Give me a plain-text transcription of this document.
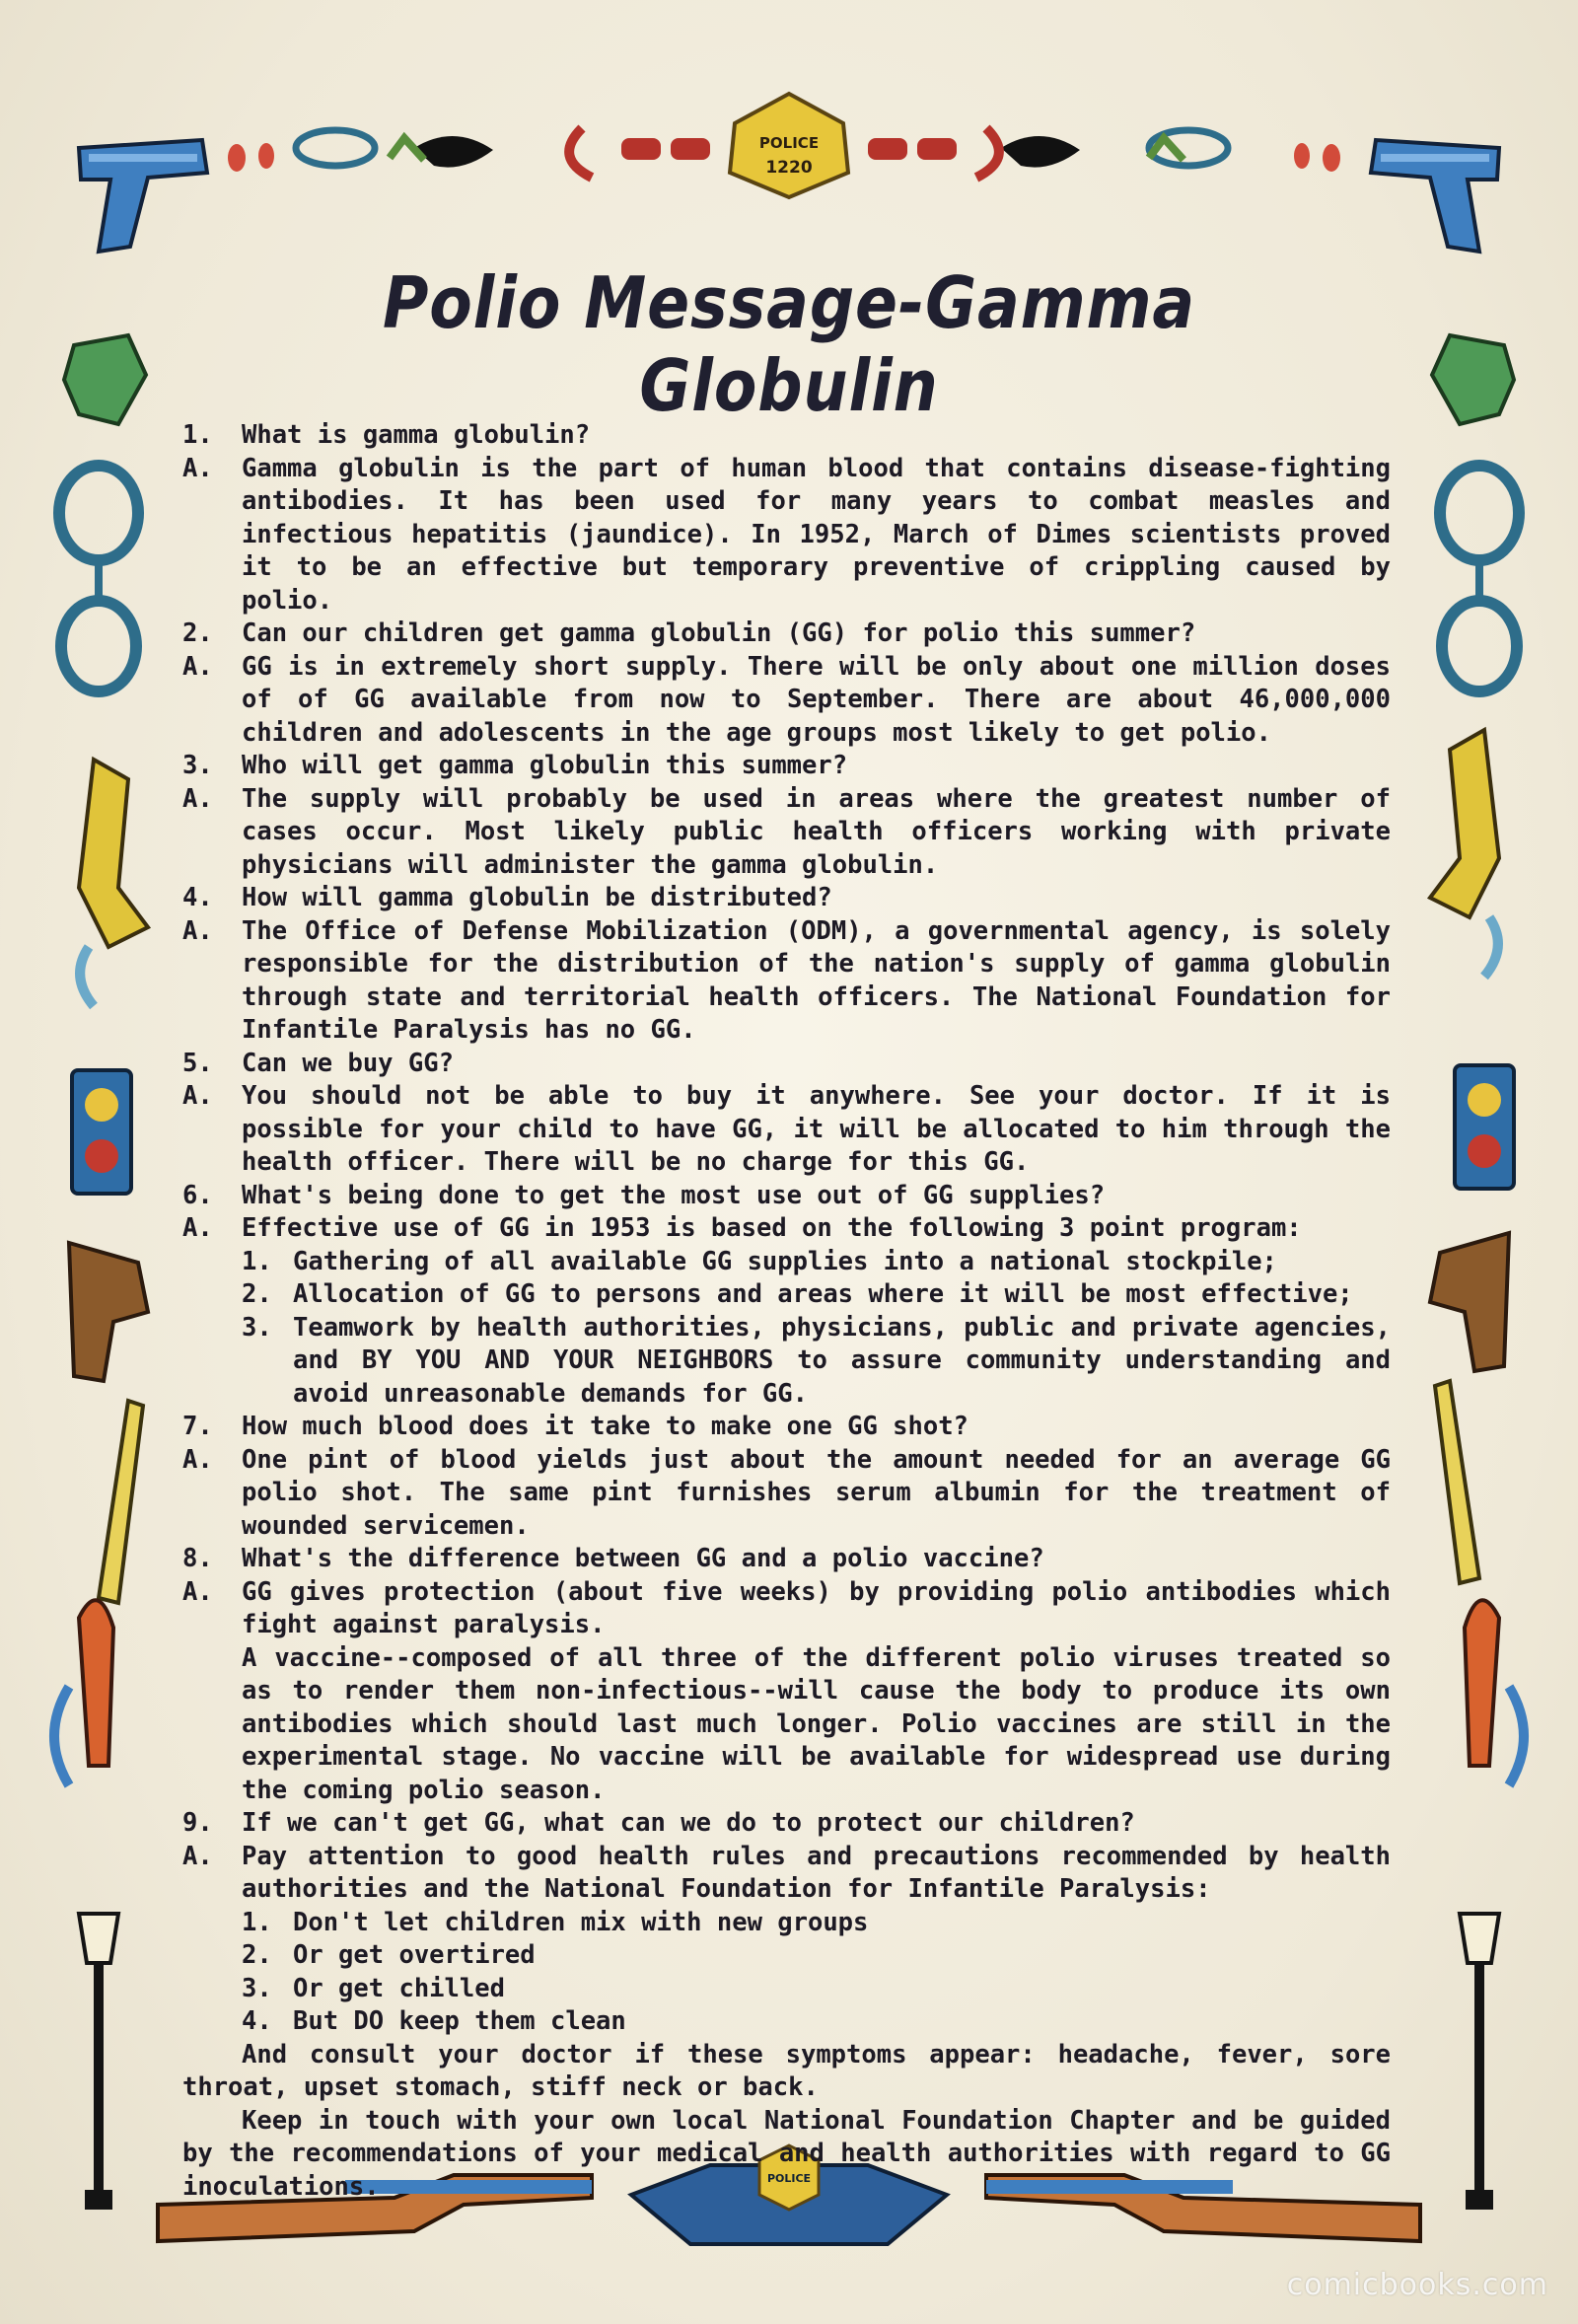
POLICE
1220
POLICE
Polio Message-Gamma Globulin
1.	What is gamma globulin?
A.	Gamma globulin is the part of human blood that contains disease-fighting antibodies. It has been used for many years to combat measles and infectious hepatitis (jaundice). In 1952, March of Dimes scientists proved it to be an effective but temporary preventive of crippling caused by polio.
2.	Can our children get gamma globulin (GG) for polio this summer?
A.	GG is in extremely short supply. There will be only about one million doses of of GG available from now to September. There are about 46,000,000 children and adolescents in the age groups most likely to get polio.
3.	Who will get gamma globulin this summer?
A.	The supply will probably be used in areas where the greatest number of cases occur. Most likely public health officers working with private physicians will administer the gamma globulin.
4.	How will gamma globulin be distributed?
A.	The Office of Defense Mobilization (ODM), a governmental agency, is solely responsible for the distribution of the nation's supply of gamma globulin through state and territorial health officers. The National Foundation for Infantile Paralysis has no GG.
5.	Can we buy GG?
A.	You should not be able to buy it anywhere. See your doctor. If it is possible for your child to have GG, it will be allocated to him through the health officer. There will be no charge for this GG.
6.	What's being done to get the most use out of GG supplies?
A.	Effective use of GG in 1953 is based on the following 3 point program:
1. Gathering of all available GG supplies into a national stockpile;
2. Allocation of GG to persons and areas where it will be most effective;
3. Teamwork by health authorities, physicians, public and private agencies, and BY YOU AND YOUR NEIGHBORS to assure community understanding and avoid unreasonable demands for GG.
7.	How much blood does it take to make one GG shot?
A.	One pint of blood yields just about the amount needed for an average GG polio shot. The same pint furnishes serum albumin for the treatment of wounded servicemen.
8.	What's the difference between GG and a polio vaccine?
A.	GG gives protection (about five weeks) by providing polio antibodies which fight against paralysis.
A vaccine--composed of all three of the different polio viruses treated so as to render them non-infectious--will cause the body to produce its own antibodies which should last much longer. Polio vaccines are still in the experimental stage. No vaccine will be available for widespread use during the coming polio season.
9.	If we can't get GG, what can we do to protect our children?
A.	Pay attention to good health rules and precautions recommended by health authorities and the National Foundation for Infantile Paralysis:
1. Don't let children mix with new groups
2. Or get overtired
3. Or get chilled
4. But DO keep them clean
And consult your doctor if these symptoms appear: headache, fever, sore throat, upset stomach, stiff neck or back.
Keep in touch with your own local National Foundation Chapter and be guided by the recommendations of your medical and health authorities with regard to GG inoculations.
comicbooks.com
